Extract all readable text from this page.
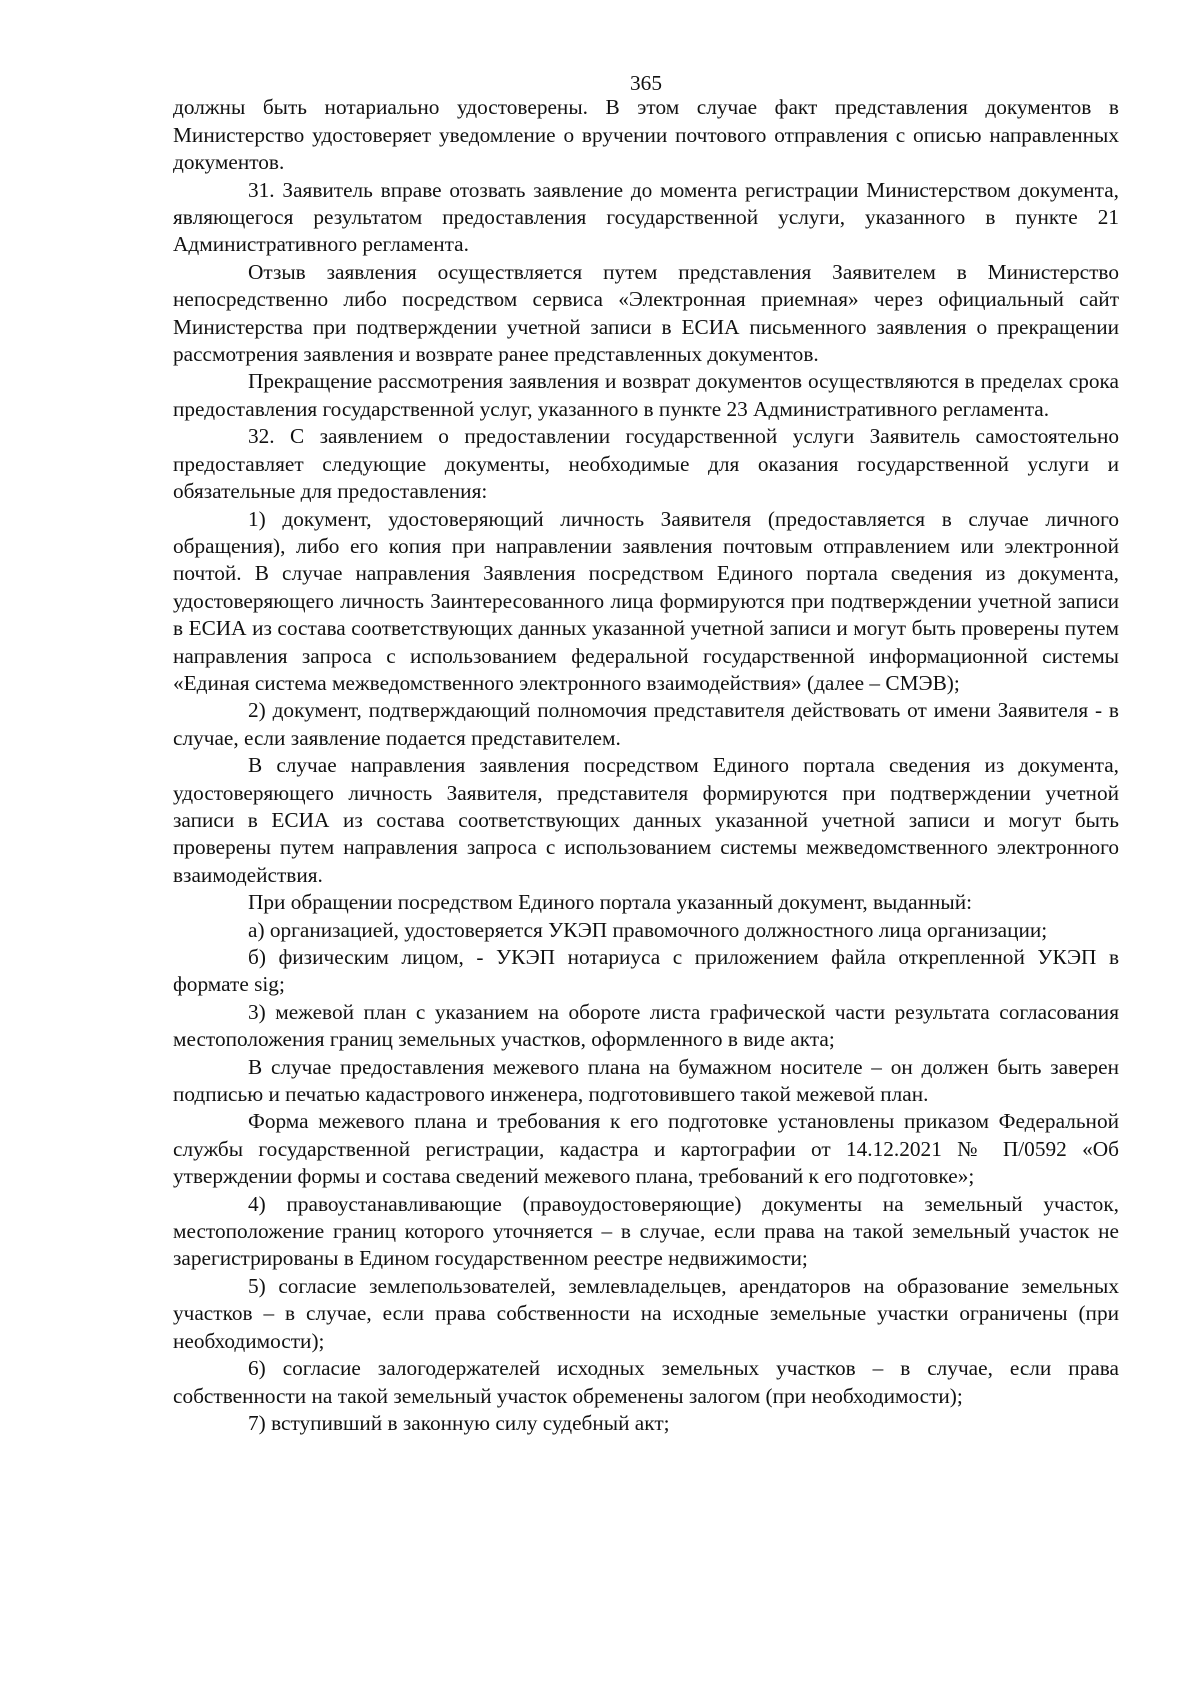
365

должны быть нотариально удостоверены. В этом случае факт представления документов в Министерство удостоверяет уведомление о вручении почтового отправления с описью направленных документов.

31. Заявитель вправе отозвать заявление до момента регистрации Министерством документа, являющегося результатом предоставления государственной услуги, указанного в пункте 21 Административного регламента.

Отзыв заявления осуществляется путем представления Заявителем в Министерство непосредственно либо посредством сервиса «Электронная приемная» через официальный сайт Министерства при подтверждении учетной записи в ЕСИА письменного заявления о прекращении рассмотрения заявления и возврате ранее представленных документов.

Прекращение рассмотрения заявления и возврат документов осуществляются в пределах срока предоставления государственной услуг, указанного в пункте 23 Административного регламента.

32. С заявлением о предоставлении государственной услуги Заявитель самостоятельно предоставляет следующие документы, необходимые для оказания государственной услуги и обязательные для предоставления:

1) документ, удостоверяющий личность Заявителя (предоставляется в случае личного обращения), либо его копия при направлении заявления почтовым отправлением или электронной почтой. В случае направления Заявления посредством Единого портала сведения из документа, удостоверяющего личность Заинтересованного лица формируются при подтверждении учетной записи в ЕСИА из состава соответствующих данных указанной учетной записи и могут быть проверены путем направления запроса с использованием федеральной государственной информационной системы «Единая система межведомственного электронного взаимодействия» (далее – СМЭВ);

2) документ, подтверждающий полномочия представителя действовать от имени Заявителя - в случае, если заявление подается представителем.

В случае направления заявления посредством Единого портала сведения из документа, удостоверяющего личность Заявителя, представителя формируются при подтверждении учетной записи в ЕСИА из состава соответствующих данных указанной учетной записи и могут быть проверены путем направления запроса с использованием системы межведомственного электронного взаимодействия.

При обращении посредством Единого портала указанный документ, выданный:

а) организацией, удостоверяется УКЭП правомочного должностного лица организации;

б) физическим лицом, - УКЭП нотариуса с приложением файла открепленной УКЭП в формате sig;

3) межевой план с указанием на обороте листа графической части результата согласования местоположения границ земельных участков, оформленного в виде акта;

В случае предоставления межевого плана на бумажном носителе – он должен быть заверен подписью и печатью кадастрового инженера, подготовившего такой межевой план.

Форма межевого плана и требования к его подготовке установлены приказом Федеральной службы государственной регистрации, кадастра и картографии от 14.12.2021 № П/0592 «Об утверждении формы и состава сведений межевого плана, требований к его подготовке»;

4) правоустанавливающие (правоудостоверяющие) документы на земельный участок, местоположение границ которого уточняется – в случае, если права на такой земельный участок не зарегистрированы в Едином государственном реестре недвижимости;

5) согласие землепользователей, землевладельцев, арендаторов на образование земельных участков – в случае, если права собственности на исходные земельные участки ограничены (при необходимости);

6) согласие залогодержателей исходных земельных участков – в случае, если права собственности на такой земельный участок обременены залогом (при необходимости);

7) вступивший в законную силу судебный акт;
